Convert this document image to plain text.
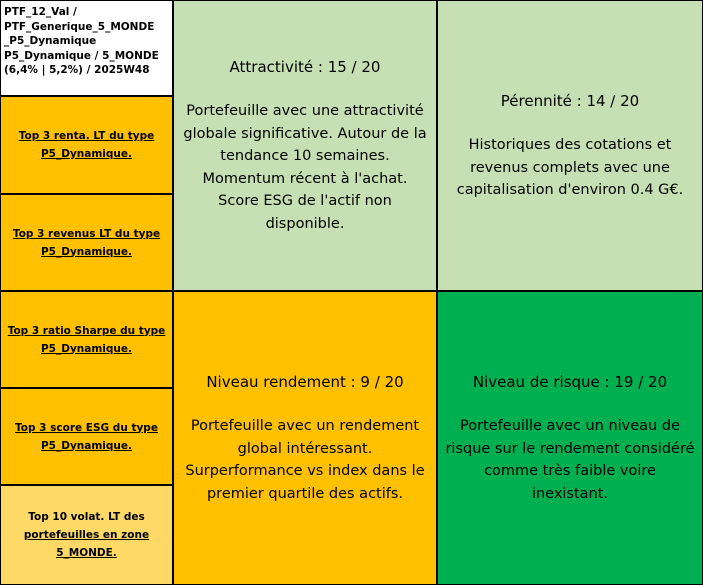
PTF_12_Val /
PTF_Generique_5_MONDE
_P5_Dynamique
P5_Dynamique / 5_MONDE
(6,4% | 5,2%) / 2025W48
Top 3 renta. LT du type P5_Dynamique.
Top 3 revenus LT du type P5_Dynamique.
Top 3 ratio Sharpe du type P5_Dynamique.
Top 3 score ESG du type P5_Dynamique.
Top 10 volat. LT des
portefeuilles en zone 5_MONDE.
Attractivité : 15 / 20
Portefeuille avec une attractivité globale significative. Autour de la tendance 10 semaines. Momentum récent à l'achat. Score ESG de l'actif non disponible.
Pérennité : 14 / 20
Historiques des cotations et revenus complets avec une capitalisation d'environ 0.4 G€.
Niveau rendement : 9 / 20
Portefeuille avec un rendement global intéressant. Surperformance vs index dans le premier quartile des actifs.
Niveau de risque : 19 / 20
Portefeuille avec un niveau de risque sur le rendement considéré comme très faible voire inexistant.
